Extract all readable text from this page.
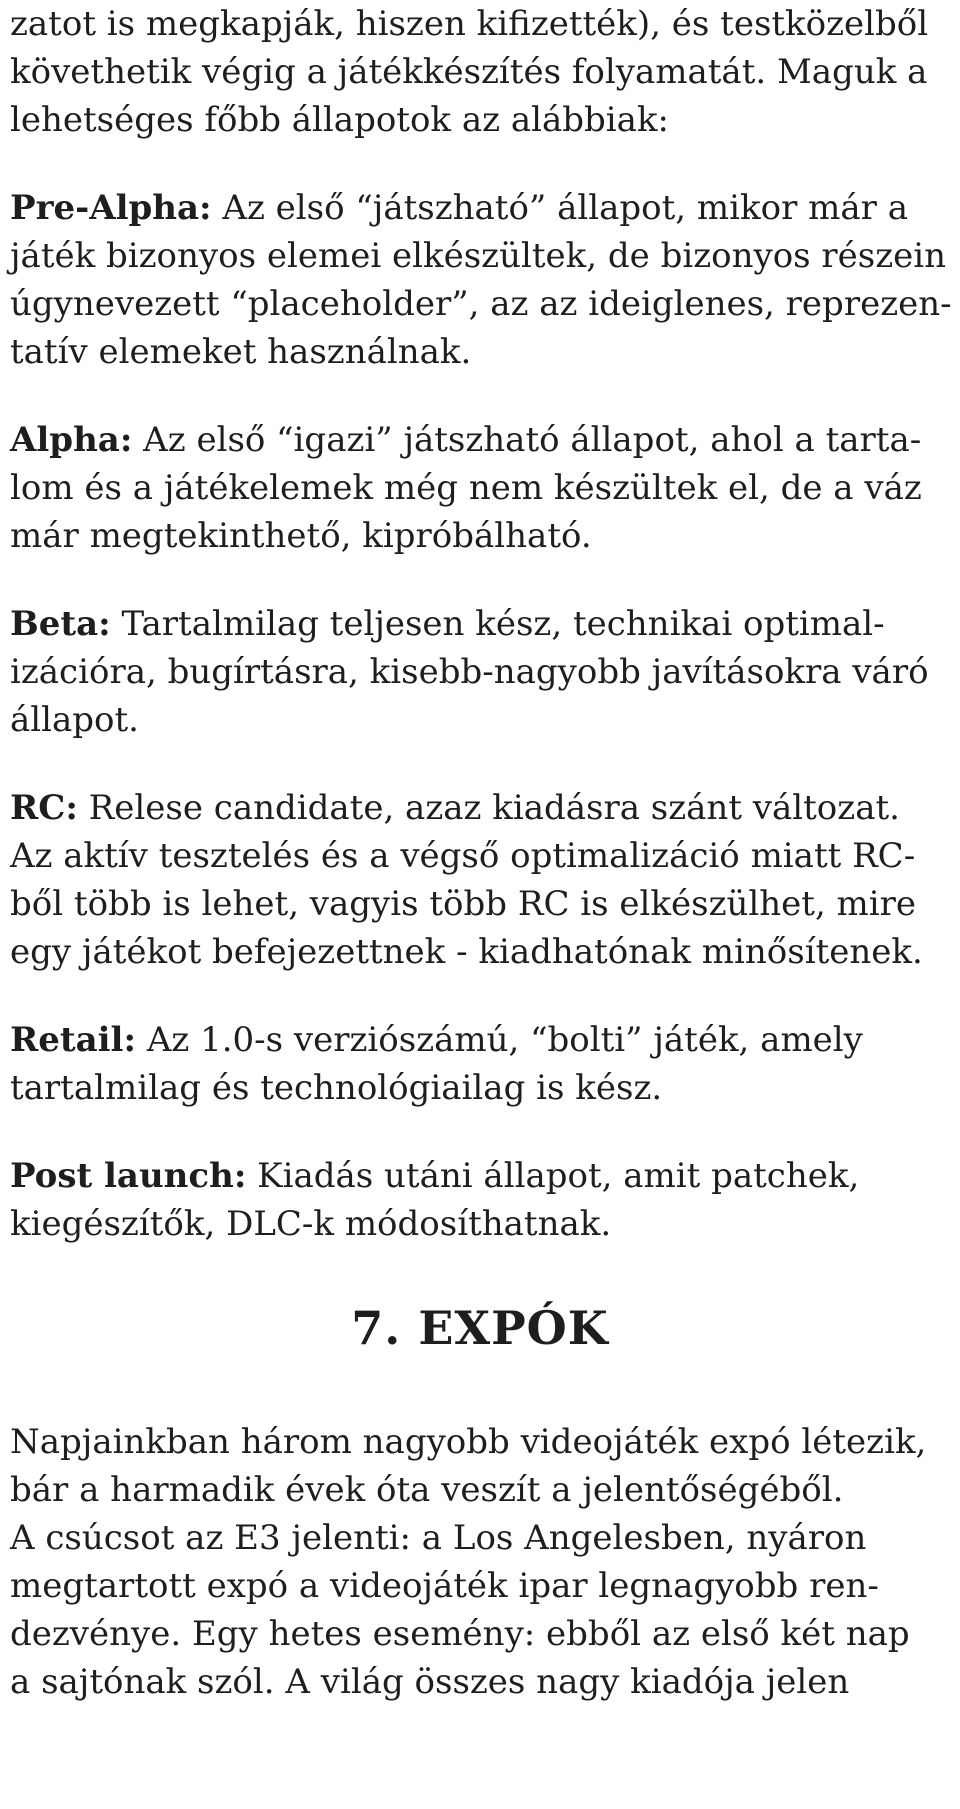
zatot is megkapják, hiszen kifizették), és testközelből
követhetik végig a játékkészítés folyamatát. Maguk a
lehetséges főbb állapotok az alábbiak:
Pre-Alpha: Az első “játszható” állapot, mikor már a
játék bizonyos elemei elkészültek, de bizonyos részein
úgynevezett “placeholder”, az az ideiglenes, reprezen-
tatív elemeket használnak.
Alpha: Az első “igazi” játszható állapot, ahol a tarta-
lom és a játékelemek még nem készültek el, de a váz
már megtekinthető, kipróbálható.
Beta: Tartalmilag teljesen kész, technikai optimal-
izációra, bugírtásra, kisebb-nagyobb javításokra váró
állapot.
RC: Relese candidate, azaz kiadásra szánt változat.
Az aktív tesztelés és a végső optimalizáció miatt RC-
ből több is lehet, vagyis több RC is elkészülhet, mire
egy játékot befejezettnek - kiadhatónak minősítenek.
Retail: Az 1.0-s verziószámú, “bolti” játék, amely
tartalmilag és technológiailag is kész.
Post launch: Kiadás utáni állapot, amit patchek,
kiegészítők, DLC-k módosíthatnak.
7. EXPÓK
Napjainkban három nagyobb videojáték expó létezik,
bár a harmadik évek óta veszít a jelentőségéből.
A csúcsot az E3 jelenti: a Los Angelesben, nyáron
megtartott expó a videojáték ipar legnagyobb ren-
dezvénye. Egy hetes esemény: ebből az első két nap
a sajtónak szól. A világ összes nagy kiadója jelen
